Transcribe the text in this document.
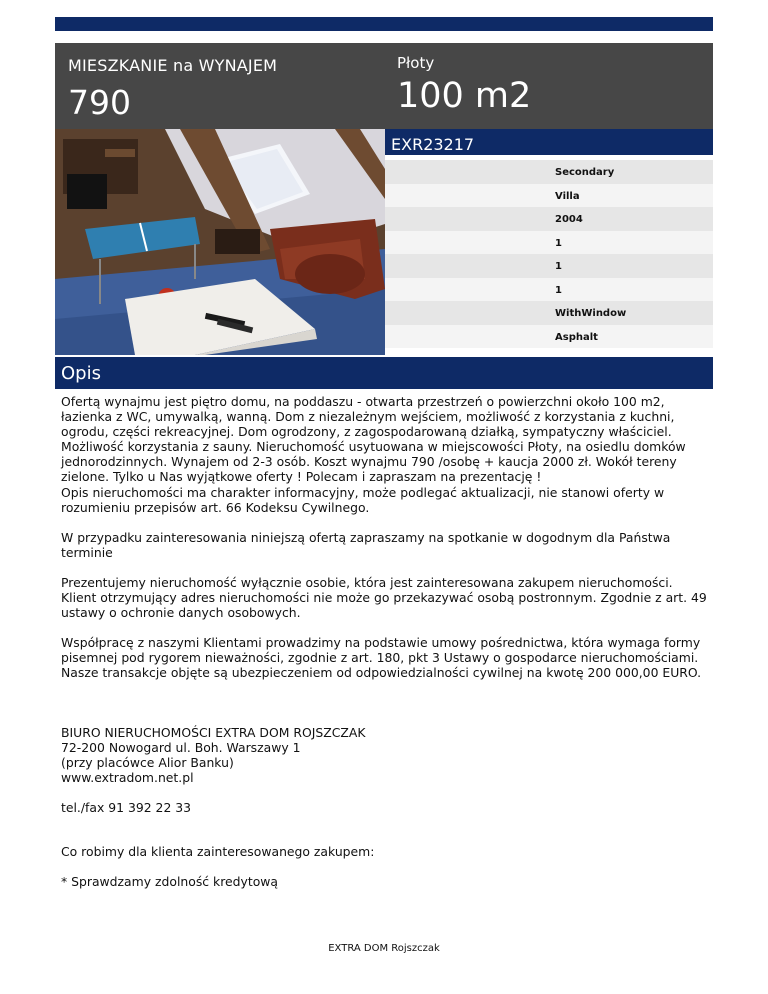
MIESZKANIE na WYNAJEM
790
Płoty
100 m2
EXR23217
Secondary
Villa
2004
1
1
1
WithWindow
Asphalt
Opis
Ofertą wynajmu jest piętro domu, na poddaszu - otwarta przestrzeń o powierzchni około 100 m2, łazienka z WC, umywalką, wanną. Dom z niezależnym wejściem, możliwość z korzystania z kuchni, ogrodu, części rekreacyjnej. Dom ogrodzony, z zagospodarowaną działką, sympatyczny właściciel. Możliwość korzystania z sauny. Nieruchomość usytuowana w miejscowości Płoty, na osiedlu domków jednorodzinnych. Wynajem od 2-3 osób. Koszt wynajmu 790 /osobę + kaucja 2000 zł. Wokół tereny zielone. Tylko u Nas wyjątkowe oferty ! Polecam i zapraszam na prezentację !
Opis nieruchomości ma charakter informacyjny, może podlegać aktualizacji, nie stanowi oferty w rozumieniu przepisów art. 66 Kodeksu Cywilnego.

W przypadku zainteresowania niniejszą ofertą zapraszamy na spotkanie w dogodnym dla Państwa terminie

Prezentujemy nieruchomość wyłącznie osobie, która jest zainteresowana zakupem nieruchomości. Klient otrzymujący adres nieruchomości nie może go przekazywać osobą postronnym. Zgodnie z art. 49 ustawy o ochronie danych osobowych.

Współpracę z naszymi Klientami prowadzimy na podstawie umowy pośrednictwa, która wymaga formy pisemnej pod rygorem nieważności, zgodnie z art. 180, pkt 3 Ustawy o gospodarce nieruchomościami. Nasze transakcje objęte są ubezpieczeniem od odpowiedzialności cywilnej na kwotę 200 000,00 EURO.

BIURO NIERUCHOMOŚCI EXTRA DOM ROJSZCZAK
72-200 Nowogard ul. Boh. Warszawy 1
(przy placówce Alior Banku)

www.extradom.net.pl

tel./fax 91 392 22 33

Co robimy dla klienta zainteresowanego zakupem:

* Sprawdzamy zdolność kredytową

EXTRA DOM Rojszczak
